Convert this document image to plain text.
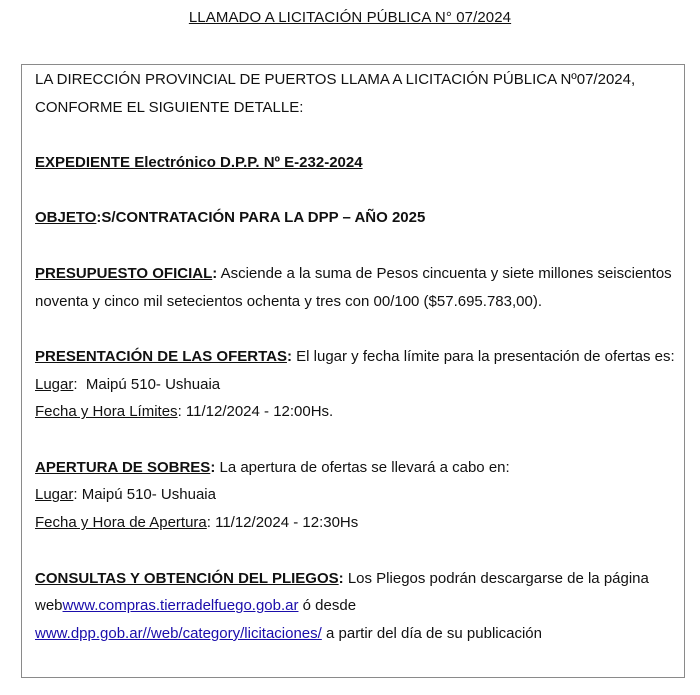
LLAMADO A LICITACIÓN PÚBLICA N° 07/2024

LA DIRECCIÓN PROVINCIAL DE PUERTOS LLAMA A LICITACIÓN PÚBLICA Nº07/2024, CONFORME EL SIGUIENTE DETALLE:

EXPEDIENTE Electrónico D.P.P. Nº E-232-2024

OBJETO:S/CONTRATACIÓN PARA LA DPP – AÑO 2025

PRESUPUESTO OFICIAL: Asciende a la suma de Pesos cincuenta y siete millones seiscientos noventa y cinco mil setecientos ochenta y tres con 00/100 ($57.695.783,00).

PRESENTACIÓN DE LAS OFERTAS: El lugar y fecha límite para la presentación de ofertas es:

Lugar:  Maipú 510- Ushuaia

Fecha y Hora Límites: 11/12/2024 - 12:00Hs.

APERTURA DE SOBRES: La apertura de ofertas se llevará a cabo en:

Lugar: Maipú 510- Ushuaia

Fecha y Hora de Apertura: 11/12/2024 - 12:30Hs

CONSULTAS Y OBTENCIÓN DEL PLIEGOS: Los Pliegos podrán descargarse de la página webwww.compras.tierradelfuego.gob.ar ó desde
www.dpp.gob.ar//web/category/licitaciones/ a partir del día de su publicación
